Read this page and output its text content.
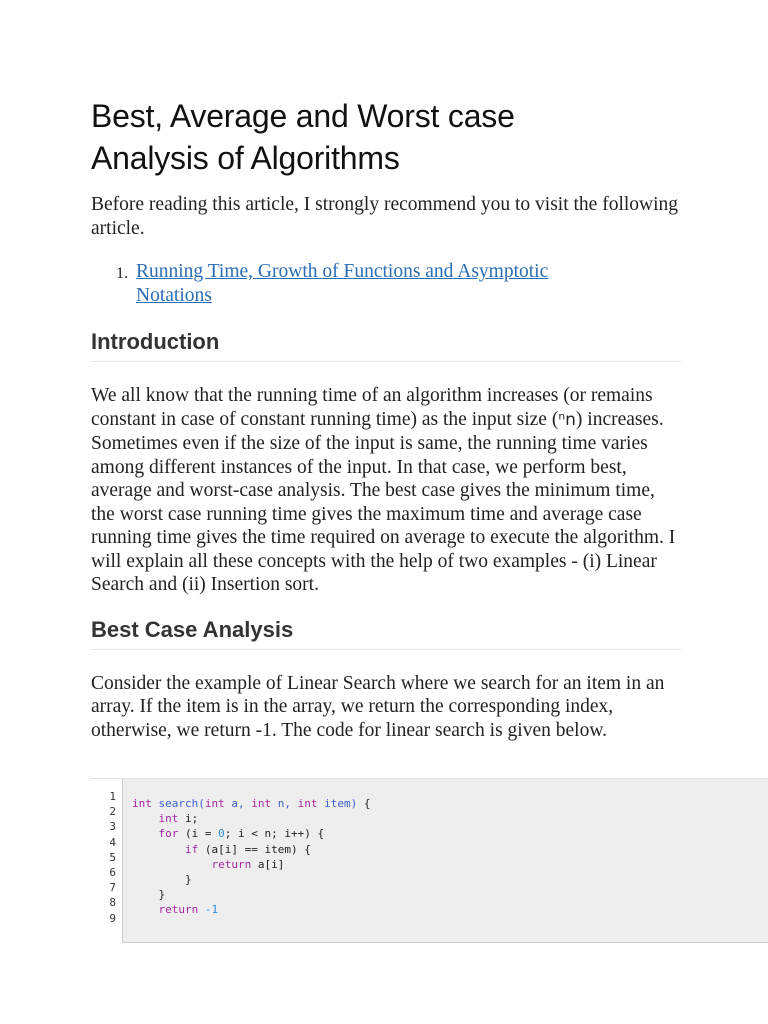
Best, Average and Worst case
Analysis of Algorithms

Before reading this article, I strongly recommend you to visit the following article.

1. Running Time, Growth of Functions and Asymptotic Notations
Introduction

We all know that the running time of an algorithm increases (or remains constant in case of constant running time) as the input size (ⁿn) increases. Sometimes even if the size of the input is same, the running time varies among different instances of the input. In that case, we perform best, average and worst-case analysis. The best case gives the minimum time, the worst case running time gives the maximum time and average case running time gives the time required on average to execute the algorithm. I will explain all these concepts with the help of two examples - (i) Linear Search and (ii) Insertion sort.

Best Case Analysis

Consider the example of Linear Search where we search for an item in an array. If the item is in the array, we return the corresponding index, otherwise, we return -1. The code for linear search is given below.

1
2
3
4
5
6
7
8
9
int search(int a, int n, int item) {
int i;
for (i = 0; i < n; i++) {
if (a[i] == item) {
return a[i]
}
}
return -1
